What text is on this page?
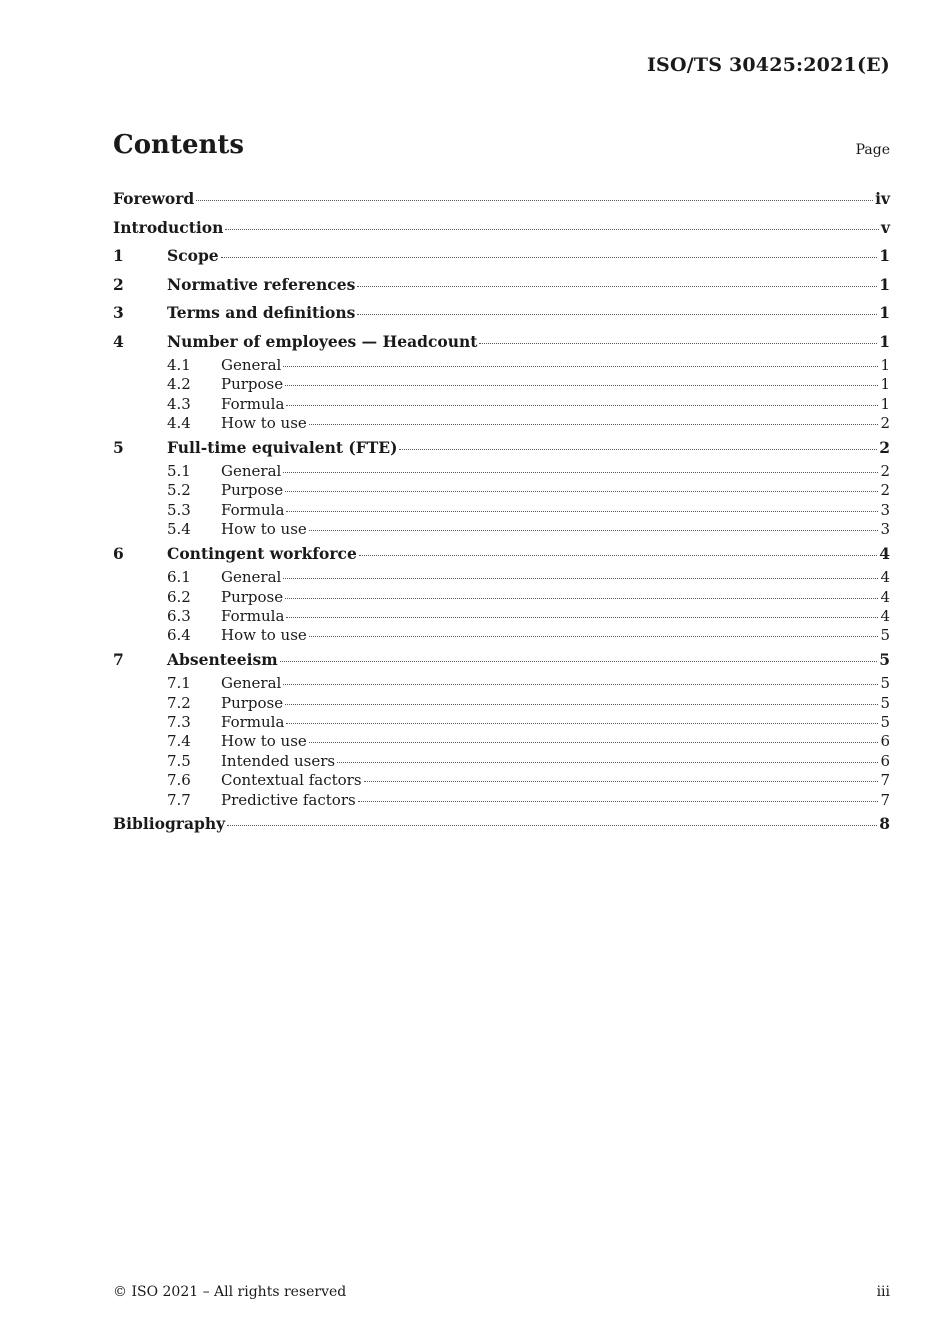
ISO/TS 30425:2021(E)
Contents	Page
Foreword	iv
Introduction	v
1	Scope	1
2	Normative references	1
3	Terms and definitions	1
4	Number of employees — Headcount	1
4.1	General	1
4.2	Purpose	1
4.3	Formula	1
4.4	How to use	2
5	Full-time equivalent (FTE)	2
5.1	General	2
5.2	Purpose	2
5.3	Formula	3
5.4	How to use	3
6	Contingent workforce	4
6.1	General	4
6.2	Purpose	4
6.3	Formula	4
6.4	How to use	5
7	Absenteeism	5
7.1	General	5
7.2	Purpose	5
7.3	Formula	5
7.4	How to use	6
7.5	Intended users	6
7.6	Contextual factors	7
7.7	Predictive factors	7
Bibliography	8
© ISO 2021 – All rights reserved	iii
